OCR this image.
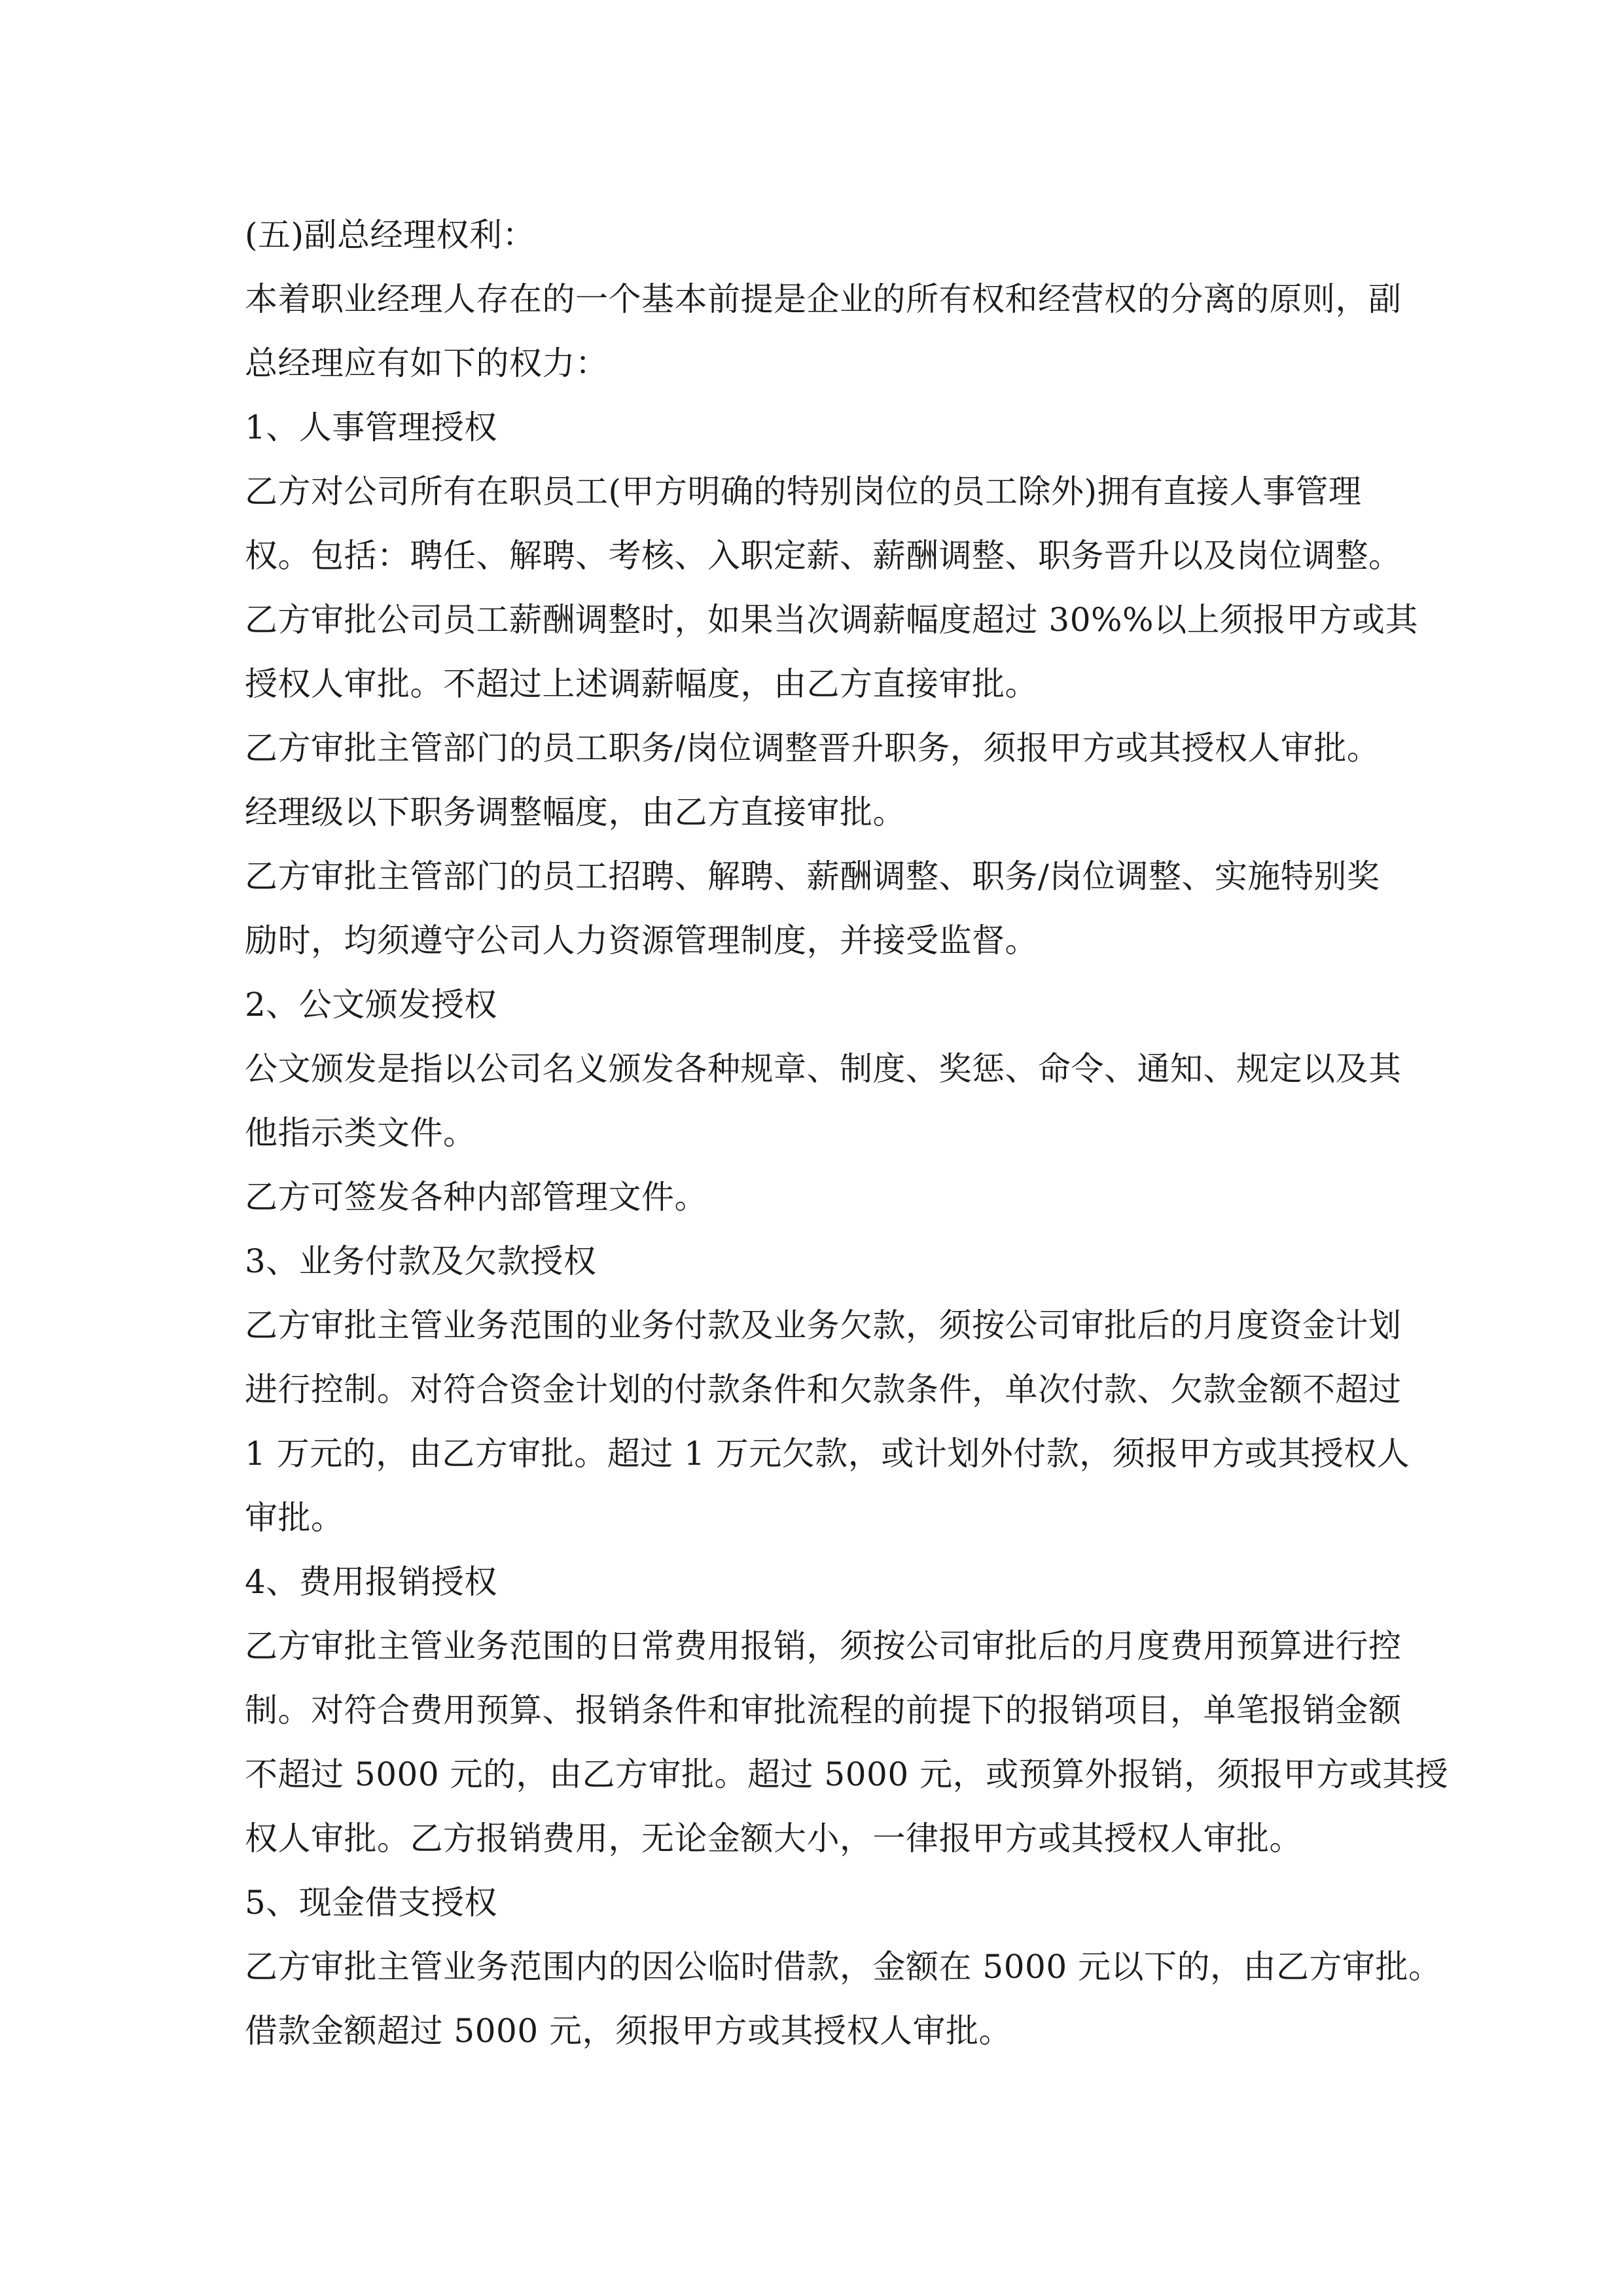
(五)副总经理权利：
本着职业经理人存在的一个基本前提是企业的所有权和经营权的分离的原则，副
总经理应有如下的权力：
1、人事管理授权
乙方对公司所有在职员工(甲方明确的特别岗位的员工除外)拥有直接人事管理
权。包括：聘任、解聘、考核、入职定薪、薪酬调整、职务晋升以及岗位调整。
乙方审批公司员工薪酬调整时，如果当次调薪幅度超过 30%%以上须报甲方或其
授权人审批。不超过上述调薪幅度，由乙方直接审批。
乙方审批主管部门的员工职务/岗位调整晋升职务，须报甲方或其授权人审批。
经理级以下职务调整幅度，由乙方直接审批。
乙方审批主管部门的员工招聘、解聘、薪酬调整、职务/岗位调整、实施特别奖
励时，均须遵守公司人力资源管理制度，并接受监督。
2、公文颁发授权
公文颁发是指以公司名义颁发各种规章、制度、奖惩、命令、通知、规定以及其
他指示类文件。
乙方可签发各种内部管理文件。
3、业务付款及欠款授权
乙方审批主管业务范围的业务付款及业务欠款，须按公司审批后的月度资金计划
进行控制。对符合资金计划的付款条件和欠款条件，单次付款、欠款金额不超过
1 万元的，由乙方审批。超过 1 万元欠款，或计划外付款，须报甲方或其授权人
审批。
4、费用报销授权
乙方审批主管业务范围的日常费用报销，须按公司审批后的月度费用预算进行控
制。对符合费用预算、报销条件和审批流程的前提下的报销项目，单笔报销金额
不超过 5000 元的，由乙方审批。超过 5000 元，或预算外报销，须报甲方或其授
权人审批。乙方报销费用，无论金额大小，一律报甲方或其授权人审批。
5、现金借支授权
乙方审批主管业务范围内的因公临时借款，金额在 5000 元以下的，由乙方审批。
借款金额超过 5000 元，须报甲方或其授权人审批。
